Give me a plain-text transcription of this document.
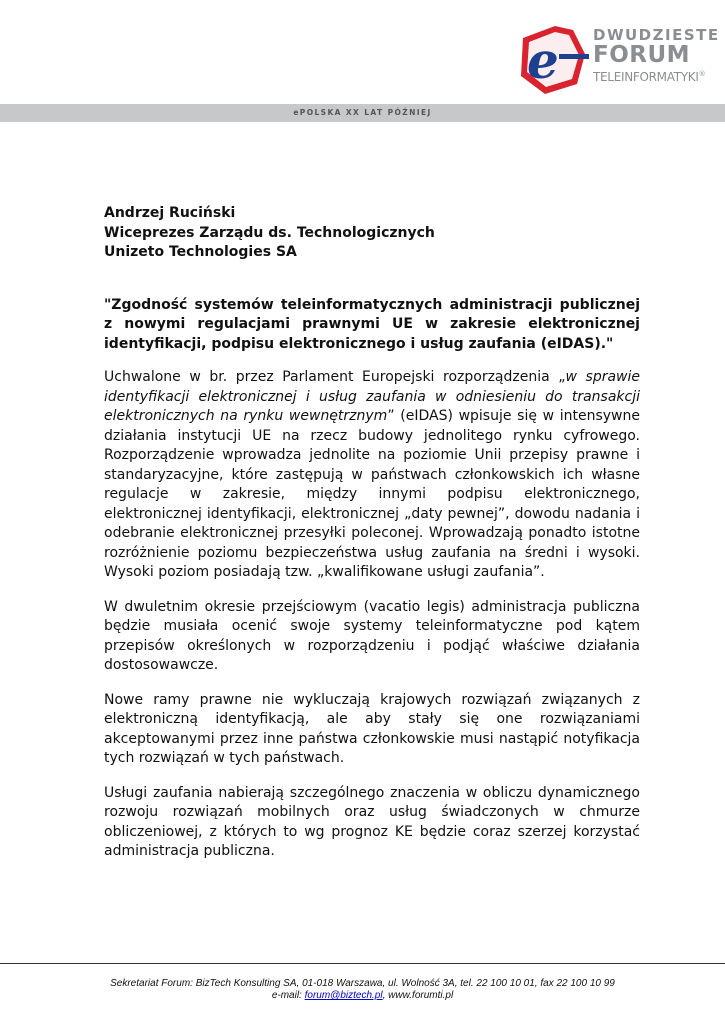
e DWUDZIESTE
FORUM
TELEINFORMATYKI®
ePOLSKA XX LAT PÓŹNIEJ

Andrzej Ruciński

Wiceprezes Zarządu ds. Technologicznych

Unizeto Technologies SA

"Zgodność systemów teleinformatycznych administracji publicznej z nowymi regulacjami prawnymi UE w zakresie elektronicznej identyfikacji, podpisu elektronicznego i usług zaufania (eIDAS)."

Uchwalone w br. przez Parlament Europejski rozporządzenia „w sprawie identyfikacji elektronicznej i usług zaufania w odniesieniu do transakcji elektronicznych na rynku wewnętrznym” (eIDAS) wpisuje się w intensywne działania instytucji UE na rzecz budowy jednolitego rynku cyfrowego. Rozporządzenie wprowadza jednolite na poziomie Unii przepisy prawne i standaryzacyjne, które zastępują w państwach członkowskich ich własne regulacje w zakresie, między innymi podpisu elektronicznego, elektronicznej identyfikacji, elektronicznej „daty pewnej”, dowodu nadania i odebranie elektronicznej przesyłki poleconej. Wprowadzają ponadto istotne rozróżnienie poziomu bezpieczeństwa usług zaufania na średni i wysoki. Wysoki poziom posiadają tzw. „kwalifikowane usługi zaufania”.

W dwuletnim okresie przejściowym (vacatio legis) administracja publiczna będzie musiała ocenić swoje systemy teleinformatyczne pod kątem przepisów określonych w rozporządzeniu i podjąć właściwe działania dostosowawcze.

Nowe ramy prawne nie wykluczają krajowych rozwiązań związanych z elektroniczną identyfikacją, ale aby stały się one rozwiązaniami akceptowanymi przez inne państwa członkowskie musi nastąpić notyfikacja tych rozwiązań w tych państwach.

Usługi zaufania nabierają szczególnego znaczenia w obliczu dynamicznego rozwoju rozwiązań mobilnych oraz usług świadczonych w chmurze obliczeniowej, z których to wg prognoz KE będzie coraz szerzej korzystać administracja publiczna.

Sekretariat Forum: BizTech Konsulting SA, 01-018 Warszawa, ul. Wolność 3A, tel. 22 100 10 01, fax 22 100 10 99
e-mail: forum@biztech.pl, www.forumti.pl
